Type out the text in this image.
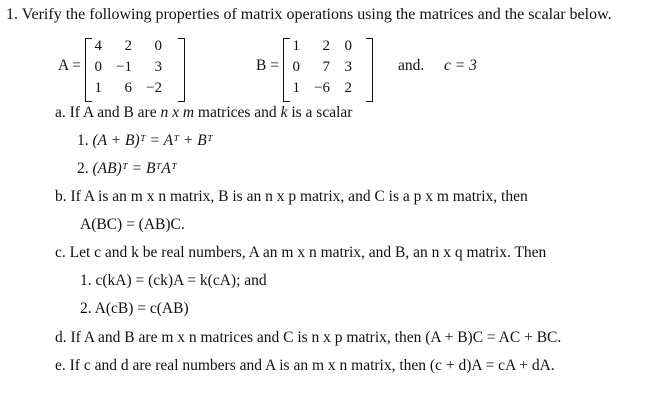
1. Verify the following properties of matrix operations using the matrices and the scalar below.
A =
4	2	0
0	−1	3
1	6	−2
B =
1	2	0
0	7	3
1	−6	2
and. c = 3
a. If A and B are n x m matrices and k is a scalar
1. (A + B)ᵀ = Aᵀ + Bᵀ
2. (AB)ᵀ = BᵀAᵀ
b. If A is an m x n matrix, B is an n x p matrix, and C is a p x m matrix, then
A(BC) = (AB)C.
c. Let c and k be real numbers, A an m x n matrix, and B, an n x q matrix. Then
1. c(kA) = (ck)A = k(cA); and
2. A(cB) = c(AB)
d. If A and B are m x n matrices and C is n x p matrix, then (A + B)C = AC + BC.
e. If c and d are real numbers and A is an m x n matrix, then (c + d)A = cA + dA.
